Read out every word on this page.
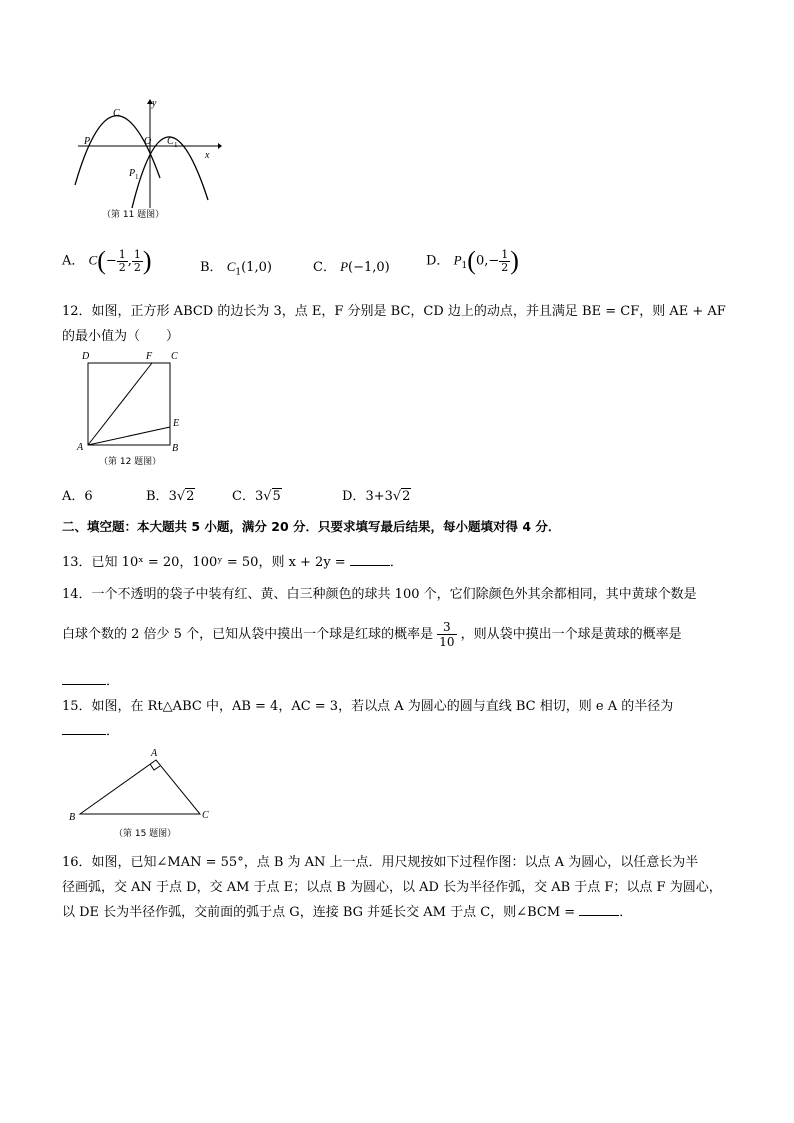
y
x
C
O C 1
P
P 1
（第 11 题图）
A． $C(- \frac{1}{2}$ , $\frac{1}{2}$ )	B． $C_1(1,0)$	C． P(−1,0)	D． $P_1(0,- \frac{1}{2}$ )
12．如图，正方形 ABCD 的边长为 3，点 E，F 分别是 BC，CD 边上的动点，并且满足 BE = CF，则 AE + AF
的最小值为（　　）
D	F C
E
A	B
（第 12 题图）
A．6	B．3√2	C．3√5	D．3+3√2
二、填空题：本大题共 5 小题，满分 20 分．只要求填写最后结果，每小题填对得 4 分．
13．已知 10ˣ = 20，100ʸ = 50，则 x + 2y =	．
14．一个不透明的袋子中装有红、黄、白三种颜色的球共 100 个，它们除颜色外其余都相同，其中黄球个数是
白球个数的 2 倍少 5 个，已知从袋中摸出一个球是红球的概率是 $\frac{3}{10}$ ，则从袋中摸出一个球是黄球的概率是
．
15．如图，在 Rt△ABC 中，AB = 4，AC = 3，若以点 A 为圆心的圆与直线 BC 相切，则 e A 的半径为
．
A
B	C
（第 15 题图）
16．如图，已知∠MAN = 55°，点 B 为 AN 上一点．用尺规按如下过程作图：以点 A 为圆心，以任意长为半
径画弧，交 AN 于点 D，交 AM 于点 E；以点 B 为圆心，以 AD 长为半径作弧，交 AB 于点 F；以点 F 为圆心，
以 DE 长为半径作弧，交前面的弧于点 G，连接 BG 并延长交 AM 于点 C，则∠BCM =	．
